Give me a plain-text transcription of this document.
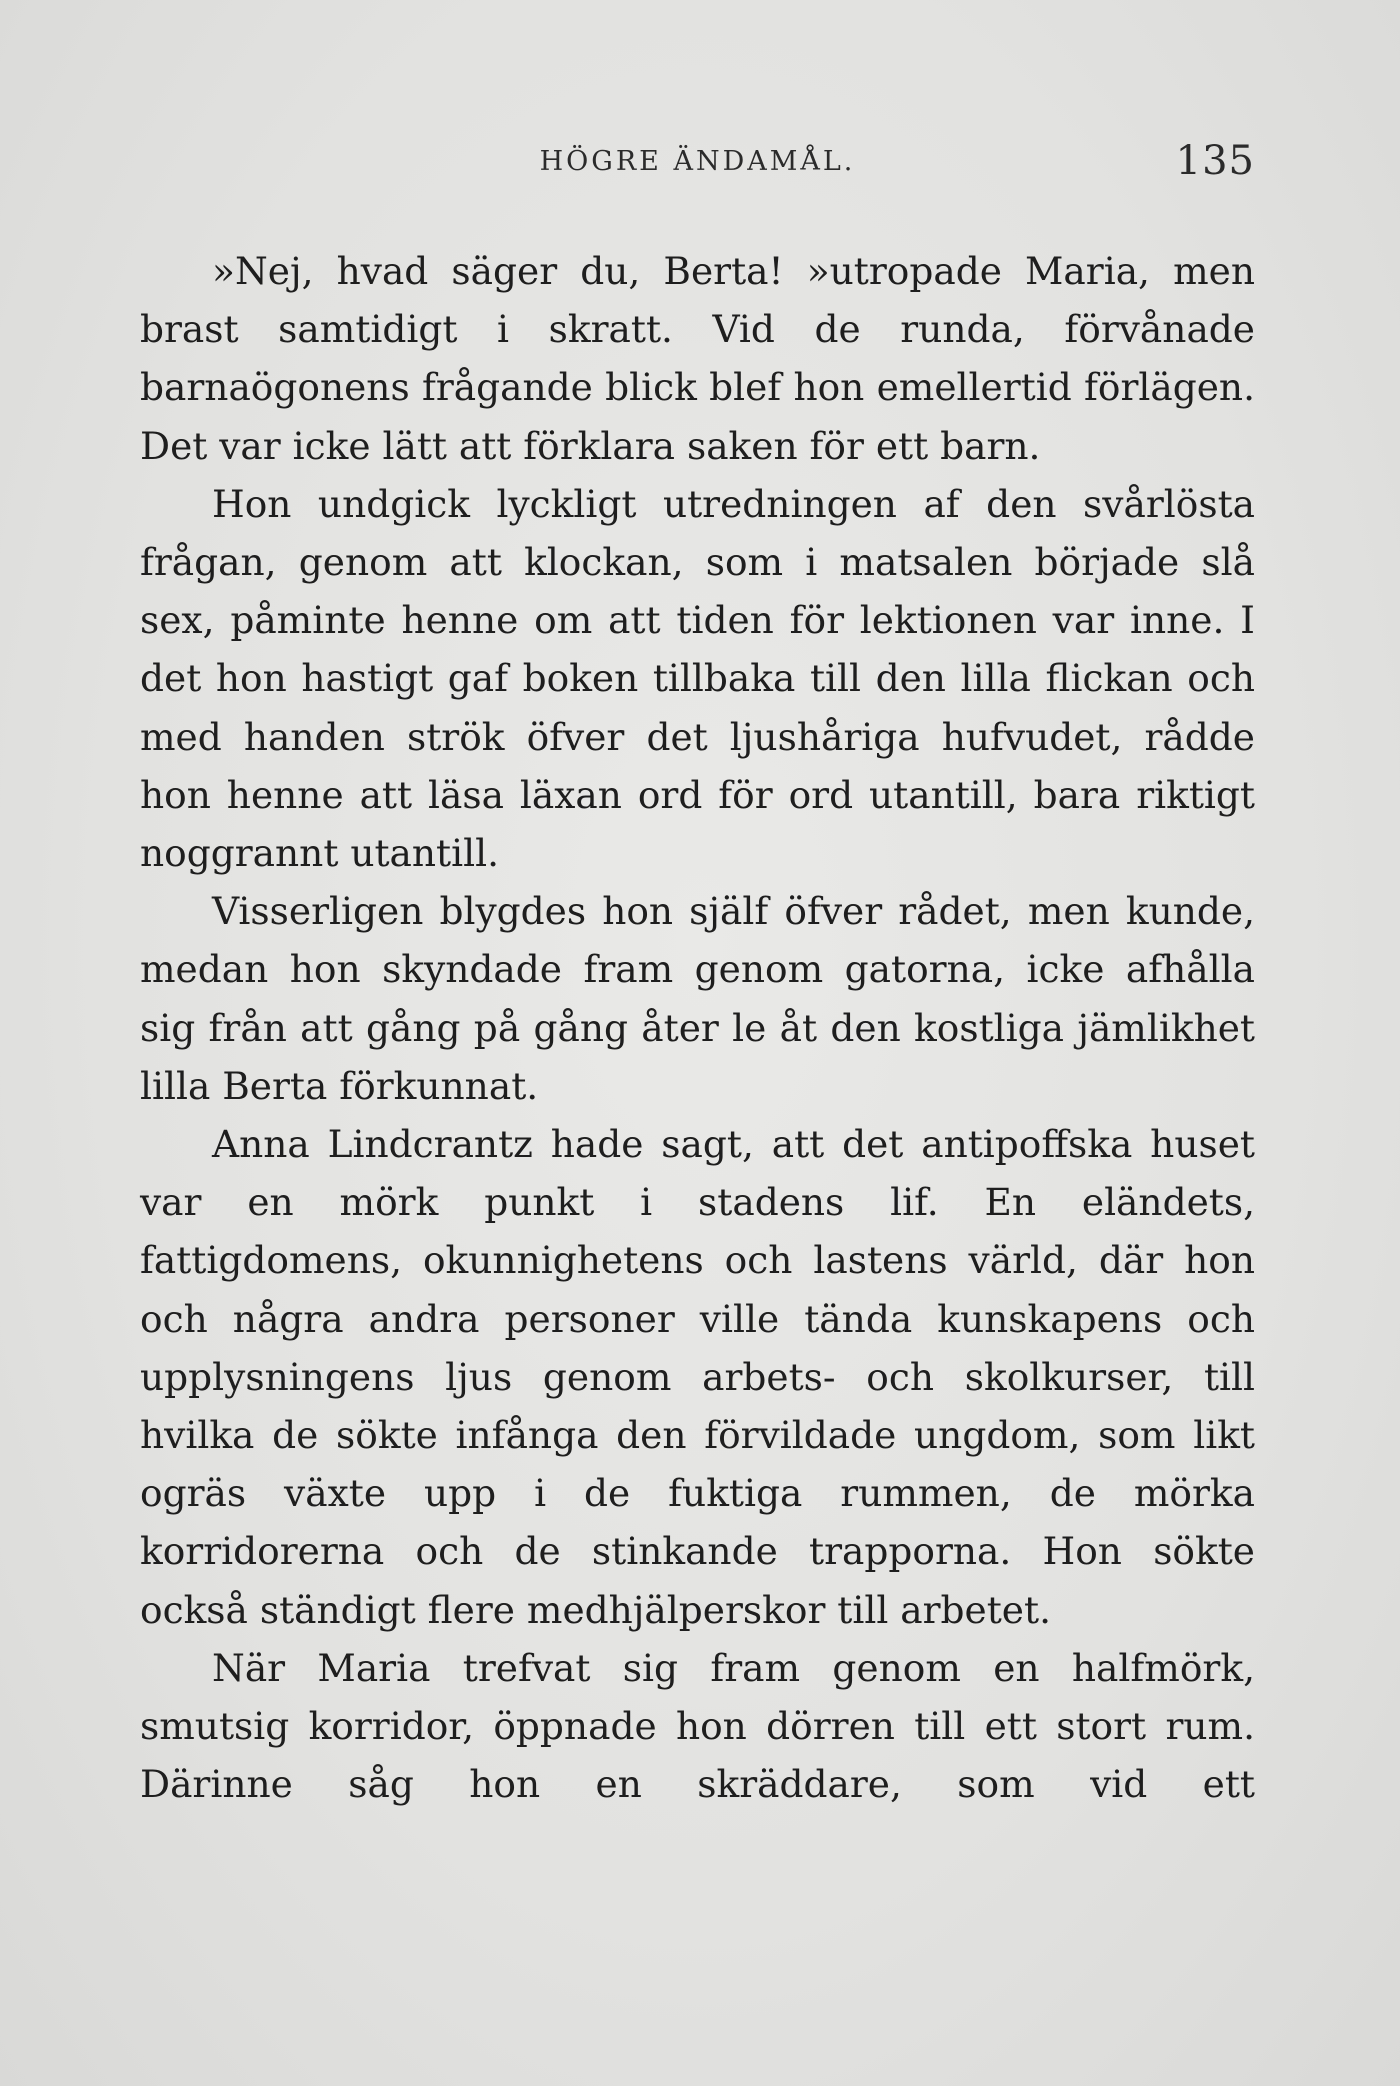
HÖGRE ÄNDAMÅL.	135

»Nej, hvad säger du, Berta! »utropade Maria, men brast samtidigt i skratt. Vid de runda, förvånade barnaögonens frågande blick blef hon emellertid förlägen. Det var icke lätt att förklara saken för ett barn.

Hon undgick lyckligt utredningen af den svårlösta frågan, genom att klockan, som i matsalen började slå sex, påminte henne om att tiden för lektionen var inne. I det hon hastigt gaf boken tillbaka till den lilla flickan och med handen strök öfver det ljushåriga hufvudet, rådde hon henne att läsa läxan ord för ord utantill, bara riktigt noggrannt utantill.

Visserligen blygdes hon själf öfver rådet, men kunde, medan hon skyndade fram genom gatorna, icke afhålla sig från att gång på gång åter le åt den kostliga jämlikhet lilla Berta förkunnat.

Anna Lindcrantz hade sagt, att det antipoffska huset var en mörk punkt i stadens lif. En eländets, fattigdomens, okunnighetens och lastens värld, där hon och några andra personer ville tända kunskapens och upplysningens ljus genom arbets- och skolkurser, till hvilka de sökte infånga den förvildade ungdom, som likt ogräs växte upp i de fuktiga rummen, de mörka korridorerna och de stinkande trapporna. Hon sökte också ständigt flere medhjälperskor till arbetet.

När Maria trefvat sig fram genom en halfmörk, smutsig korridor, öppnade hon dörren till ett stort rum. Därinne såg hon en skräddare, som vid ett
